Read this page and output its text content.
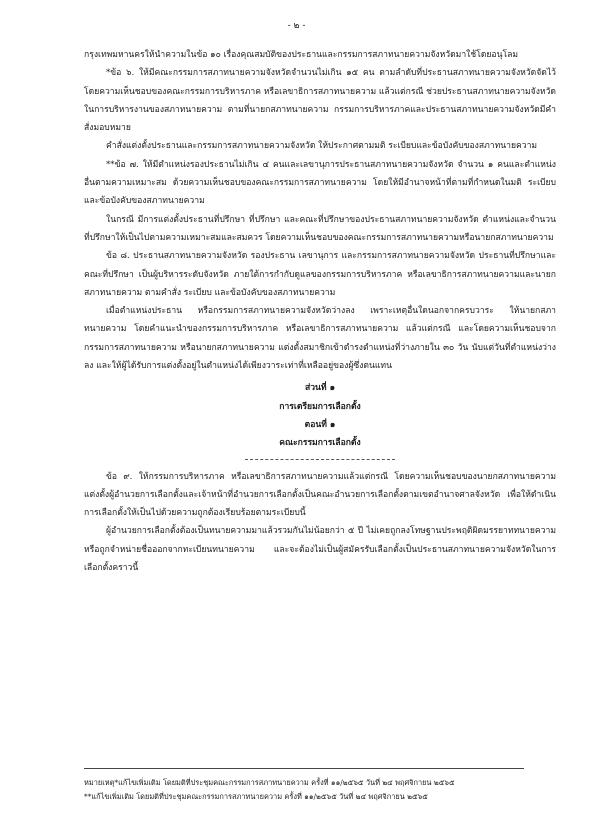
- ๒ -

กรุงเทพมหานครให้นำความในข้อ ๑๐ เรื่องคุณสมบัติของประธานและกรรมการสภาทนายความจังหวัดมาใช้โดยอนุโลม

*ข้อ ๖. ให้มีคณะกรรมการสภาทนายความจังหวัดจำนวนไม่เกิน ๑๕ คน ตามลำดับที่ประธานสภาทนายความจังหวัดจัดไว้ โดยความเห็นชอบของคณะกรรมการบริหารภาค หรือเลขาธิการสภาทนายความ แล้วแต่กรณี ช่วยประธานสภาทนายความจังหวัดในการบริหารงานของสภาทนายความ ตามที่นายกสภาทนายความ กรรมการบริหารภาคและประธานสภาทนายความจังหวัดมีคำสั่งมอบหมาย

คำสั่งแต่งตั้งประธานและกรรมการสภาทนายความจังหวัด ให้ประกาศตามมติ ระเบียบและข้อบังคับของสภาทนายความ

**ข้อ ๗. ให้มีตำแหน่งรองประธานไม่เกิน ๔ คนและเลขานุการประธานสภาทนายความจังหวัด จำนวน ๑ คนและตำแหน่งอื่นตามความเหมาะสม ด้วยความเห็นชอบของคณะกรรมการสภาทนายความ โดยให้มีอำนาจหน้าที่ตามที่กำหนดในมติ ระเบียบ และข้อบังคับของสภาทนายความ

ในกรณี มีการแต่งตั้งประธานที่ปรึกษา ที่ปรึกษา และคณะที่ปรึกษาของประธานสภาทนายความจังหวัด ตำแหน่งและจำนวนที่ปรึกษาให้เป็นไปตามความเหมาะสมและสมควร โดยความเห็นชอบของคณะกรรมการสภาทนายความหรือนายกสภาทนายความ

ข้อ ๘. ประธานสภาทนายความจังหวัด รองประธาน เลขานุการ และกรรมการสภาทนายความจังหวัด ประธานที่ปรึกษาและคณะที่ปรึกษา เป็นผู้บริหารระดับจังหวัด ภายใต้การกำกับดูแลของกรรมการบริหารภาค หรือเลขาธิการสภาทนายความและนายกสภาทนายความ ตามคำสั่ง ระเบียบ และข้อบังคับของสภาทนายความ

เมื่อตำแหน่งประธาน หรือกรรมการสภาทนายความจังหวัดว่างลง เพราะเหตุอื่นใดนอกจากครบวาระ ให้นายกสภาทนายความ โดยคำแนะนำของกรรมการบริหารภาค หรือเลขาธิการสภาทนายความ แล้วแต่กรณี และโดยความเห็นชอบจากกรรมการสภาทนายความ หรือนายกสภาทนายความ แต่งตั้งสมาชิกเข้าดำรงตำแหน่งที่ว่างภายใน ๓๐ วัน นับแต่วันที่ตำแหน่งว่างลง และให้ผู้ได้รับการแต่งตั้งอยู่ในตำแหน่งได้เพียงวาระเท่าที่เหลืออยู่ของผู้ซึ่งตนแทน

ส่วนที่ ๑

การเตรียมการเลือกตั้ง

ตอนที่ ๑

คณะกรรมการเลือกตั้ง

ข้อ ๙. ให้กรรมการบริหารภาค หรือเลขาธิการสภาทนายความแล้วแต่กรณี โดยความเห็นชอบของนายกสภาทนายความแต่งตั้งผู้อำนวยการเลือกตั้งและเจ้าหน้าที่อำนวยการเลือกตั้งเป็นคณะอำนวยการเลือกตั้งตามเขตอำนาจศาลจังหวัด เพื่อให้ดำเนินการเลือกตั้งให้เป็นไปด้วยความถูกต้องเรียบร้อยตามระเบียบนี้

ผู้อำนวยการเลือกตั้งต้องเป็นทนายความมาแล้วรวมกันไม่น้อยกว่า ๕ ปี ไม่เคยถูกลงโทษฐานประพฤติผิดมรรยาททนายความหรือถูกจำหน่ายชื่อออกจากทะเบียนทนายความ และจะต้องไม่เป็นผู้สมัครรับเลือกตั้งเป็นประธานสภาทนายความจังหวัดในการเลือกตั้งคราวนี้

หมายเหตุ*แก้ไขเพิ่มเติม โดยมติที่ประชุมคณะกรรมการสภาทนายความ ครั้งที่ ๑๑/๒๕๖๕ วันที่ ๒๔ พฤศจิกายน ๒๕๖๕

**แก้ไขเพิ่มเติม โดยมติที่ประชุมคณะกรรมการสภาทนายความ ครั้งที่ ๑๑/๒๕๖๕ วันที่ ๒๔ พฤศจิกายน ๒๕๖๕
